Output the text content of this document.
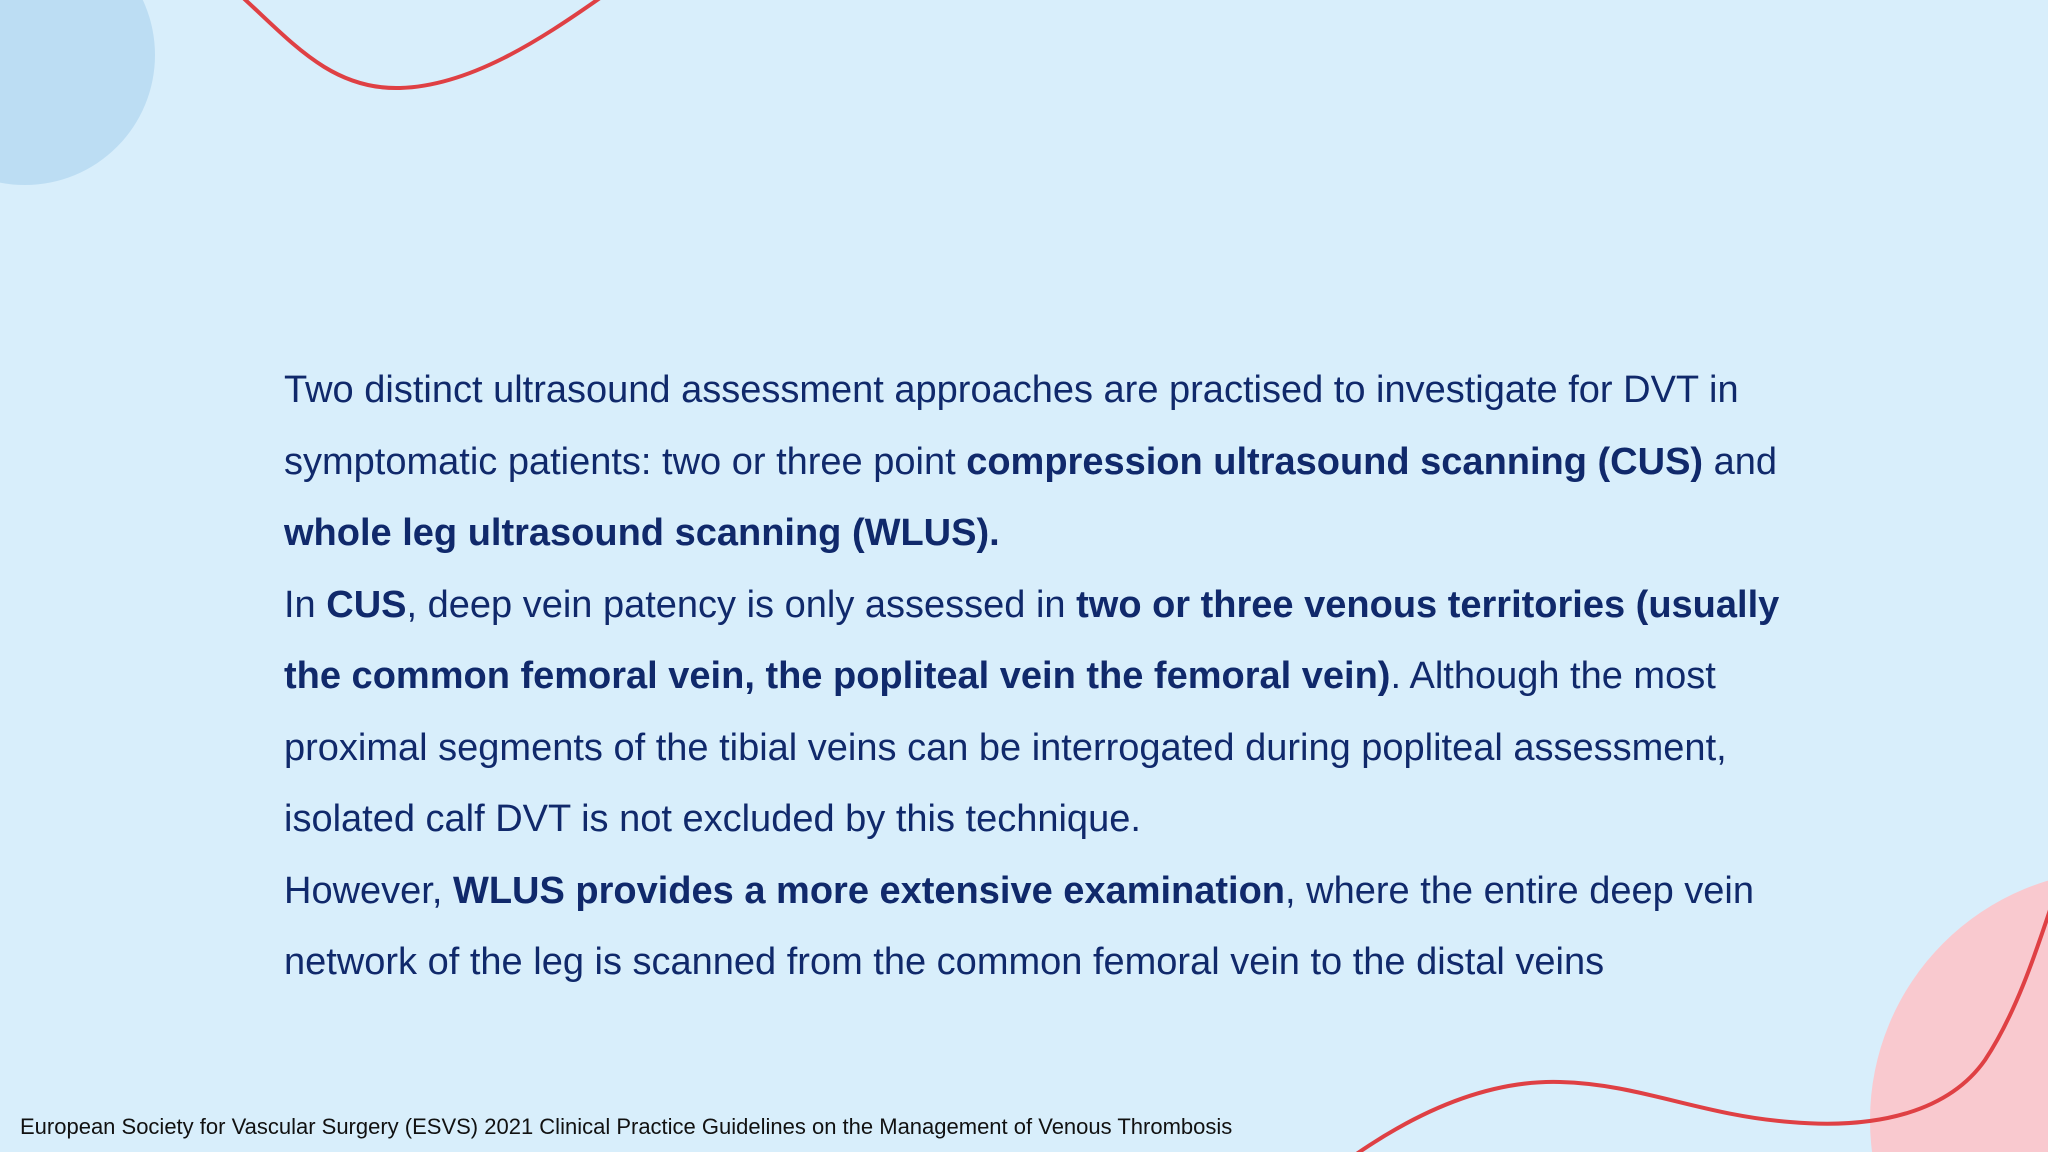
Two distinct ultrasound assessment approaches are practised to investigate for DVT in symptomatic patients: two or three point compression ultrasound scanning (CUS) and whole leg ultrasound scanning (WLUS).

In CUS, deep vein patency is only assessed in two or three venous territories (usually the common femoral vein, the popliteal vein the femoral vein). Although the most proximal segments of the tibial veins can be interrogated during popliteal assessment, isolated calf DVT is not excluded by this technique.

However, WLUS provides a more extensive examination, where the entire deep vein network of the leg is scanned from the common femoral vein to the distal veins

European Society for Vascular Surgery (ESVS) 2021 Clinical Practice Guidelines on the Management of Venous Thrombosis
